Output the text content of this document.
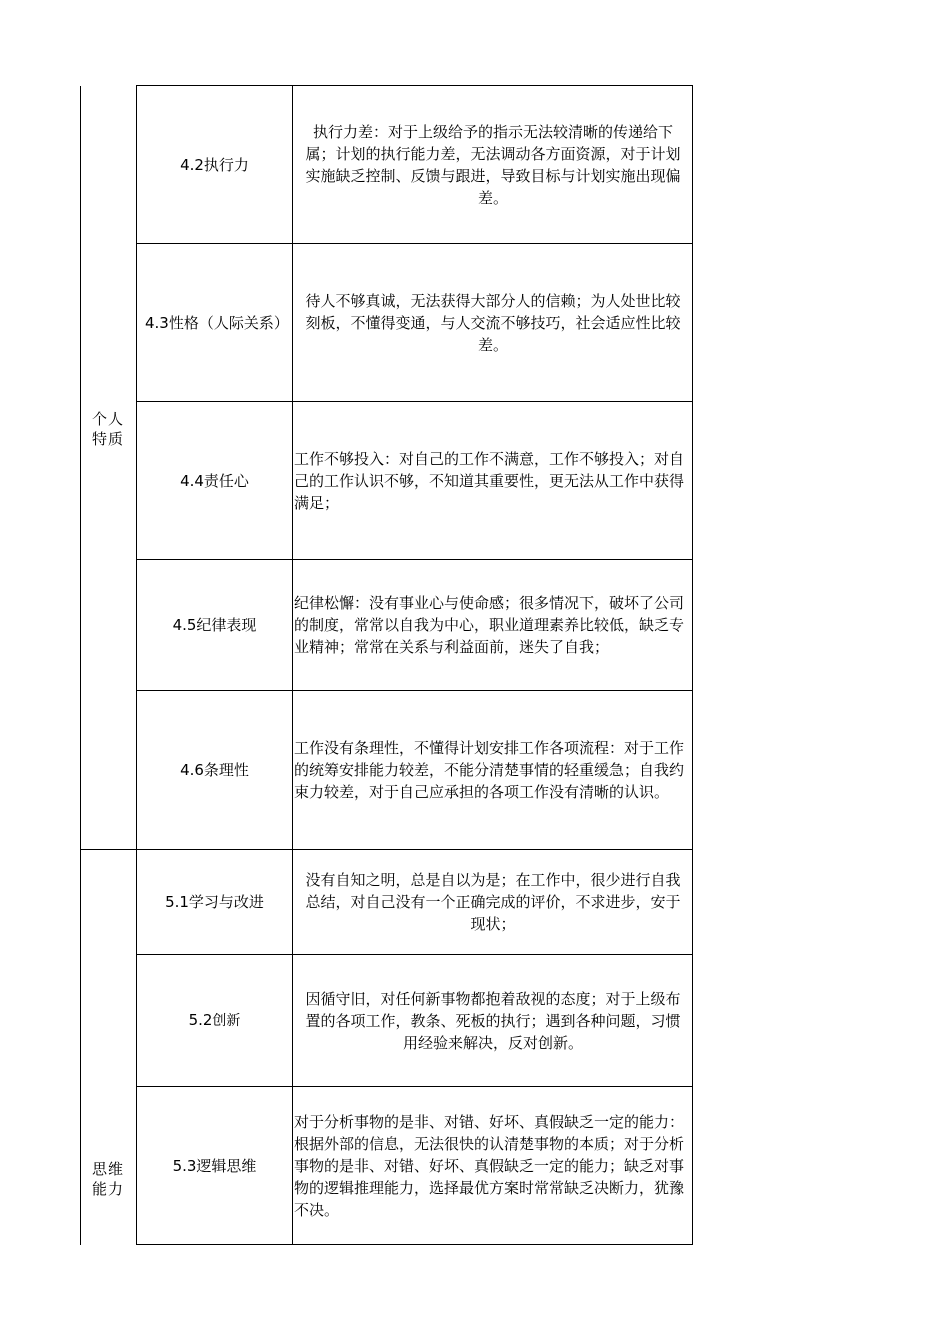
个人
特质
思维
能力
4.2执行力
执行力差：对于上级给予的指示无法较清晰的传递给下属；计划的执行能力差，无法调动各方面资源，对于计划实施缺乏控制、反馈与跟进，导致目标与计划实施出现偏差。
4.3性格（人际关系）
待人不够真诚，无法获得大部分人的信赖；为人处世比较刻板，不懂得变通，与人交流不够技巧，社会适应性比较差。
4.4责任心
工作不够投入：对自己的工作不满意，工作不够投入；对自己的工作认识不够，不知道其重要性，更无法从工作中获得满足；
4.5纪律表现
纪律松懈：没有事业心与使命感；很多情况下，破坏了公司的制度，常常以自我为中心，职业道理素养比较低，缺乏专业精神；常常在关系与利益面前，迷失了自我；
4.6条理性
工作没有条理性，不懂得计划安排工作各项流程：对于工作的统筹安排能力较差，不能分清楚事情的轻重缓急；自我约束力较差，对于自己应承担的各项工作没有清晰的认识。
5.1学习与改进
没有自知之明，总是自以为是；在工作中，很少进行自我总结，对自己没有一个正确完成的评价，不求进步，安于现状；
5.2创新
因循守旧，对任何新事物都抱着敌视的态度；对于上级布置的各项工作，教条、死板的执行；遇到各种问题，习惯用经验来解决，反对创新。
5.3逻辑思维
对于分析事物的是非、对错、好坏、真假缺乏一定的能力：根据外部的信息，无法很快的认清楚事物的本质；对于分析事物的是非、对错、好坏、真假缺乏一定的能力；缺乏对事物的逻辑推理能力，选择最优方案时常常缺乏决断力，犹豫不决。
